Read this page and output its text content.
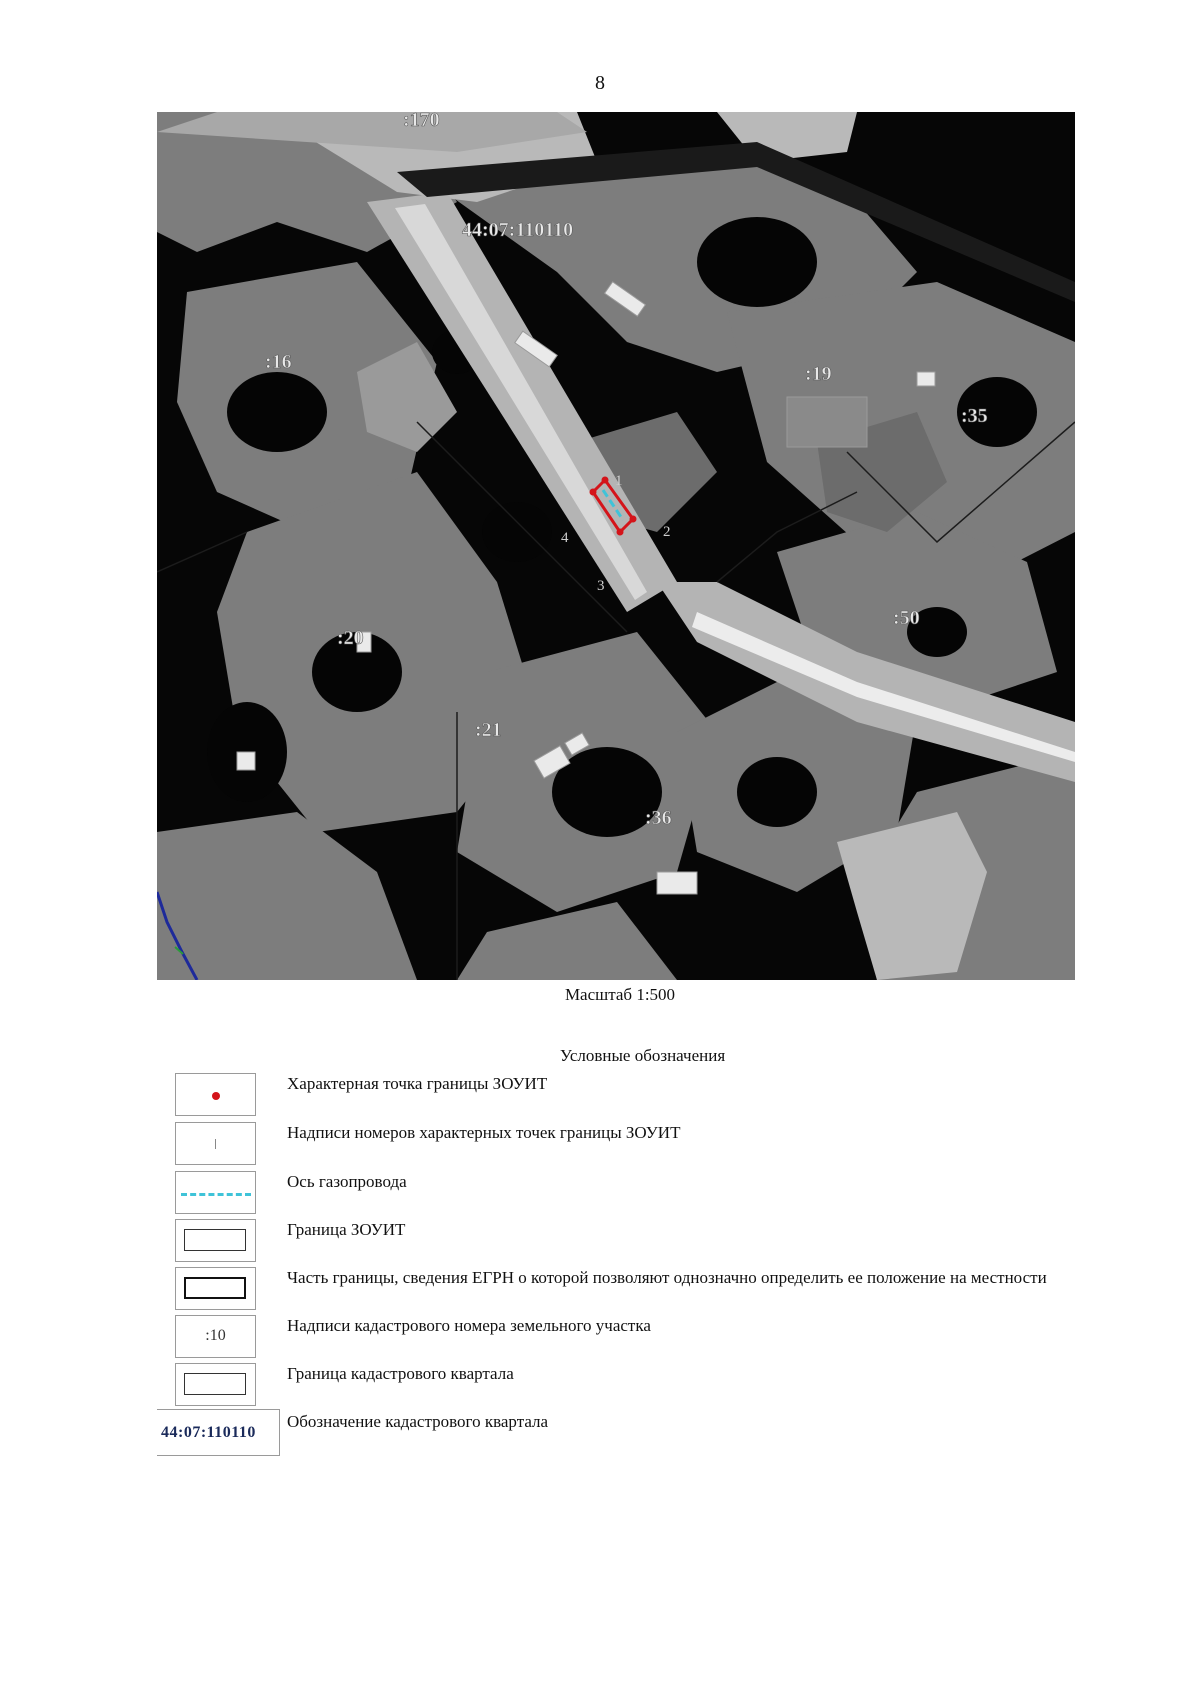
8
:170
44:07:110110
:16
:19
:35
:20
:50
:21
:36
1
2
3
4
Масштаб 1:500
Условные обозначения
Характерная точка границы ЗОУИТ
Надписи номеров характерных точек границы ЗОУИТ
Ось газопровода
Граница ЗОУИТ
Часть границы, сведения ЕГРН о которой позволяют однозначно определить ее положение на местности
:10
Надписи кадастрового номера земельного участка
Граница кадастрового квартала
44:07:110110
Обозначение кадастрового квартала
